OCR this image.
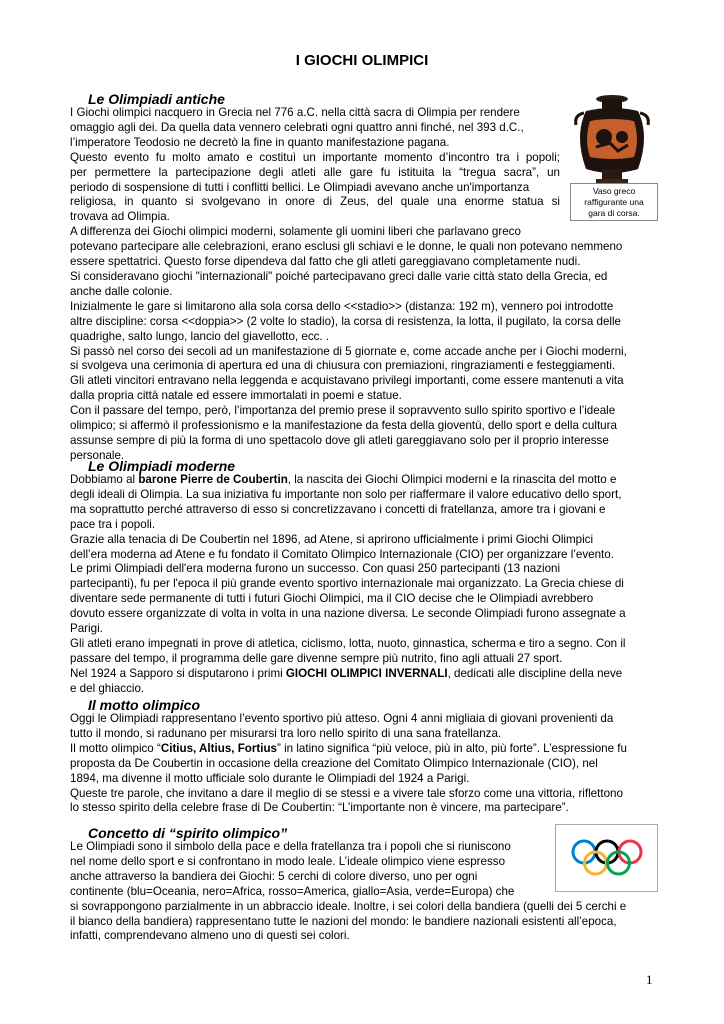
I GIOCHI OLIMPICI
Vaso greco
raffigurante una
gara di corsa.
Le Olimpiadi antiche
I Giochi olimpici nacquero in Grecia nel 776 a.C. nella città sacra di Olimpia per rendere
omaggio agli dei. Da quella data vennero celebrati ogni quattro anni finché, nel 393 d.C.,
l’imperatore Teodosio ne decretò la fine in quanto manifestazione pagana.
Questo evento fu molto amato e costituì un importante momento d’incontro tra i popoli;
per permettere la partecipazione degli atleti alle gare fu istituita la “tregua sacra”, un
periodo di sospensione di tutti i conflitti bellici. Le Olimpiadi avevano anche un'importanza
religiosa, in quanto si svolgevano in onore di Zeus, del quale una enorme statua si
trovava ad Olimpia.
A differenza dei Giochi olimpici moderni, solamente gli uomini liberi che parlavano greco
potevano partecipare alle celebrazioni, erano esclusi gli schiavi e le donne, le quali non potevano nemmeno
essere spettatrici. Questo forse dipendeva dal fatto che gli atleti gareggiavano completamente nudi.
Si consideravano giochi "internazionali" poiché partecipavano greci dalle varie città stato della Grecia, ed
anche dalle colonie.
Inizialmente le gare si limitarono alla sola corsa dello <<stadio>> (distanza: 192 m), vennero poi introdotte
altre discipline: corsa <<doppia>> (2 volte lo stadio), la corsa di resistenza, la lotta, il pugilato, la corsa delle
quadrighe, salto lungo, lancio del giavellotto, ecc. .
Si passò nel corso dei secoli ad un manifestazione di 5 giornate e, come accade anche per i Giochi moderni,
si svolgeva una cerimonia di apertura ed una di chiusura con premiazioni, ringraziamenti e festeggiamenti.
Gli atleti vincitori entravano nella leggenda e acquistavano privilegi importanti, come essere mantenuti a vita
dalla propria città natale ed essere immortalati in poemi e statue.
Con il passare del tempo, però, l’importanza del premio prese il sopravvento sullo spirito sportivo e l’ideale
olimpico; si affermò il professionismo e la manifestazione da festa della gioventù, dello sport e della cultura
assunse sempre di più la forma di uno spettacolo dove gli atleti gareggiavano solo per il proprio interesse
personale.
Le Olimpiadi moderne
Dobbiamo al barone Pierre de Coubertin, la nascita dei Giochi Olimpici moderni e la rinascita del motto e
degli ideali di Olimpia. La sua iniziativa fu importante non solo per riaffermare il valore educativo dello sport,
ma soprattutto perché attraverso di esso si concretizzavano i concetti di fratellanza, amore tra i giovani e
pace tra i popoli.
Grazie alla tenacia di De Coubertin nel 1896, ad Atene, si aprirono ufficialmente i primi Giochi Olimpici
dell’era moderna ad Atene e fu fondato il Comitato Olimpico Internazionale (CIO) per organizzare l’evento.
Le primi Olimpiadi dell'era moderna furono un successo. Con quasi 250 partecipanti (13 nazioni
partecipanti), fu per l'epoca il più grande evento sportivo internazionale mai organizzato. La Grecia chiese di
diventare sede permanente di tutti i futuri Giochi Olimpici, ma il CIO decise che le Olimpiadi avrebbero
dovuto essere organizzate di volta in volta in una nazione diversa. Le seconde Olimpiadi furono assegnate a
Parigi.
Gli atleti erano impegnati in prove di atletica, ciclismo, lotta, nuoto, ginnastica, scherma e tiro a segno. Con il
passare del tempo, il programma delle gare divenne sempre più nutrito, fino agli attuali 27 sport.
Nel 1924 a Sapporo si disputarono i primi GIOCHI OLIMPICI INVERNALI, dedicati alle discipline della neve
e del ghiaccio.
Il motto olimpico
Oggi le Olimpiadi rappresentano l’evento sportivo più atteso. Ogni 4 anni migliaia di giovani provenienti da
tutto il mondo, si radunano per misurarsi tra loro nello spirito di una sana fratellanza.
Il motto olimpico “Citius, Altius, Fortius” in latino significa “più veloce, più in alto, più forte”. L’espressione fu
proposta da De Coubertin in occasione della creazione del Comitato Olimpico Internazionale (CIO), nel
1894, ma divenne il motto ufficiale solo durante le Olimpiadi del 1924 a Parigi.
Queste tre parole, che invitano a dare il meglio di se stessi e a vivere tale sforzo come una vittoria, riflettono
lo stesso spirito della celebre frase di De Coubertin: “L’importante non è vincere, ma partecipare”.
Concetto di “spirito olimpico”
Le Olimpiadi sono il simbolo della pace e della fratellanza tra i popoli che si riuniscono
nel nome dello sport e si confrontano in modo leale. L’ideale olimpico viene espresso
anche attraverso la bandiera dei Giochi: 5 cerchi di colore diverso, uno per ogni
continente (blu=Oceania, nero=Africa, rosso=America, giallo=Asia, verde=Europa) che
si sovrappongono parzialmente in un abbraccio ideale. Inoltre, i sei colori della bandiera (quelli dei 5 cerchi e
il bianco della bandiera) rappresentano tutte le nazioni del mondo: le bandiere nazionali esistenti all’epoca,
infatti, comprendevano almeno uno di questi sei colori.
1
